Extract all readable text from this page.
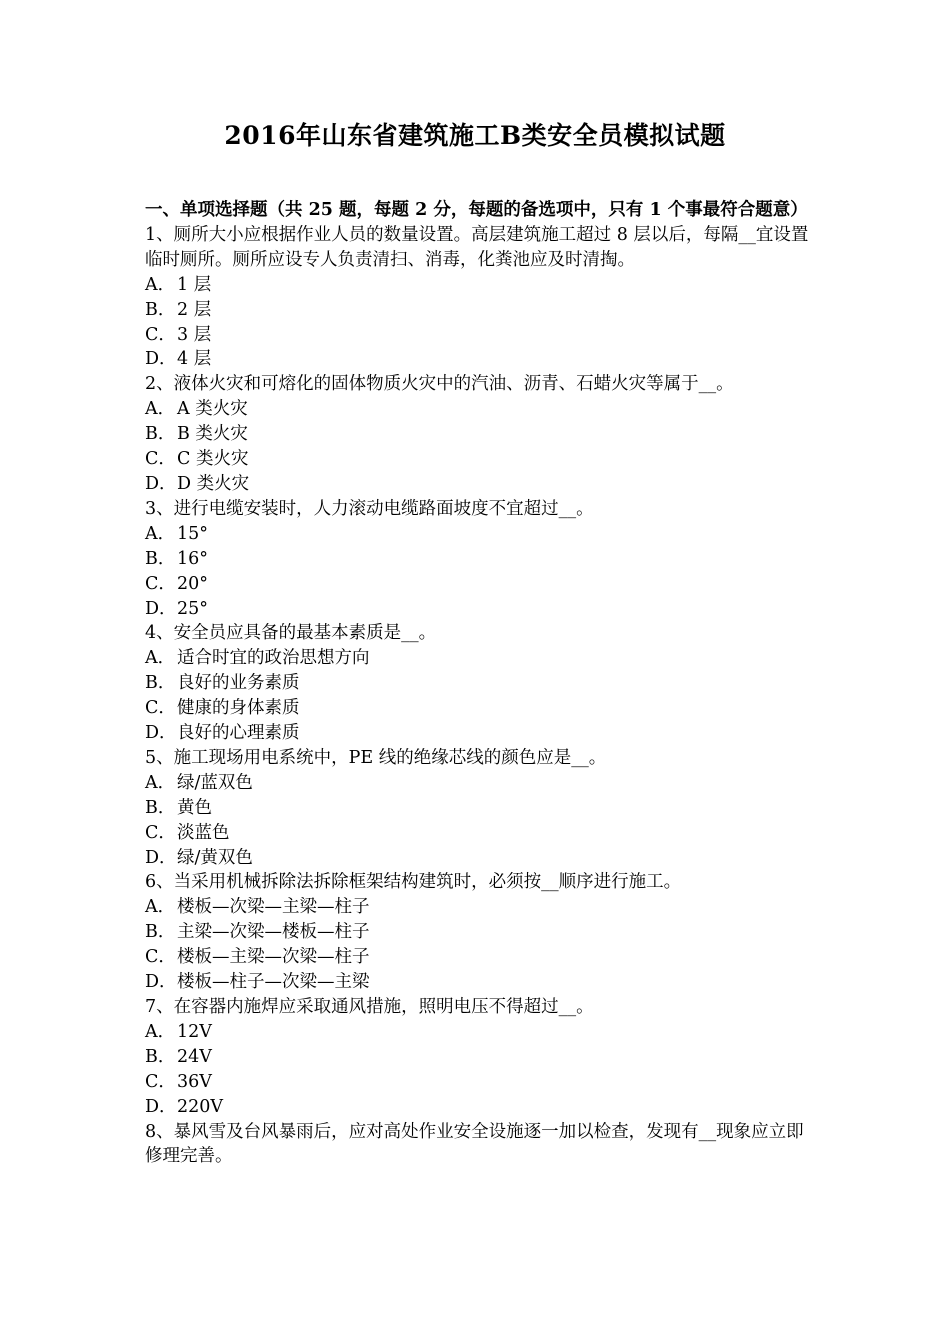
2016年山东省建筑施工B类安全员模拟试题
一、单项选择题（共 25 题，每题 2 分，每题的备选项中，只有 1 个事最符合题意）
1、厕所大小应根据作业人员的数量设置。高层建筑施工超过 8 层以后，每隔__宜设置临时厕所。厕所应设专人负责清扫、消毒，化粪池应及时清掏。
A． 1 层
B．2 层
C．3 层
D．4 层
2、液体火灾和可熔化的固体物质火灾中的汽油、沥青、石蜡火灾等属于__。
A． A 类火灾
B．B 类火灾
C．C 类火灾
D．D 类火灾
3、进行电缆安装时，人力滚动电缆路面坡度不宜超过__。
A． 15°
B．16°
C．20°
D．25°
4、安全员应具备的最基本素质是__。
A． 适合时宜的政治思想方向
B．良好的业务素质
C．健康的身体素质
D．良好的心理素质
5、施工现场用电系统中，PE 线的绝缘芯线的颜色应是__。
A． 绿/蓝双色
B．黄色
C．淡蓝色
D．绿/黄双色
6、当采用机械拆除法拆除框架结构建筑时，必须按__顺序进行施工。
A． 楼板—次梁—主梁—柱子
B．主梁—次梁—楼板—柱子
C．楼板—主梁—次梁—柱子
D．楼板—柱子—次梁—主梁
7、在容器内施焊应采取通风措施，照明电压不得超过__。
A． 12V
B．24V
C．36V
D．220V
8、暴风雪及台风暴雨后，应对高处作业安全设施逐一加以检查，发现有__现象应立即修理完善。
